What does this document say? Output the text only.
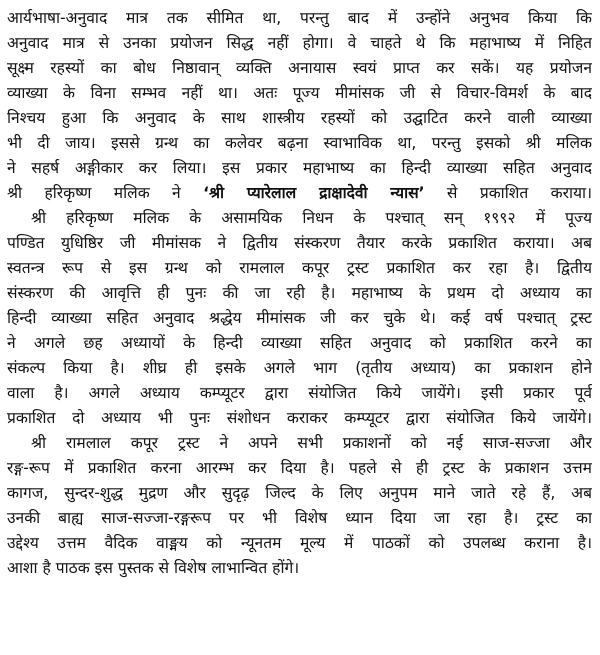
आर्यभाषा-अनुवाद मात्र तक सीमित था, परन्तु बाद में उन्होंने अनुभव किया कि
अनुवाद मात्र से उनका प्रयोजन सिद्ध नहीं होगा। वे चाहते थे कि महाभाष्य में निहित
सूक्ष्म रहस्यों का बोध निष्ठावान् व्यक्ति अनायास स्वयं प्राप्त कर सकें। यह प्रयोजन
व्याख्या के विना सम्भव नहीं था। अतः पूज्य मीमांसक जी से विचार-विमर्श के बाद
निश्चय हुआ कि अनुवाद के साथ शास्त्रीय रहस्यों को उद्घाटित करने वाली व्याख्या
भी दी जाय। इससे ग्रन्थ का कलेवर बढ़ना स्वाभाविक था, परन्तु इसको श्री मलिक
ने सहर्ष अङ्गीकार कर लिया। इस प्रकार महाभाष्य का हिन्दी व्याख्या सहित अनुवाद
श्री हरिकृष्ण मलिक ने ‘श्री प्यारेलाल द्राक्षादेवी न्यास’ से प्रकाशित कराया।
श्री हरिकृष्ण मलिक के असामयिक निधन के पश्चात् सन् १९९२ में पूज्य
पण्डित युधिष्ठिर जी मीमांसक ने द्वितीय संस्करण तैयार करके प्रकाशित कराया। अब
स्वतन्त्र रूप से इस ग्रन्थ को रामलाल कपूर ट्रस्ट प्रकाशित कर रहा है। द्वितीय
संस्करण की आवृत्ति ही पुनः की जा रही है। महाभाष्य के प्रथम दो अध्याय का
हिन्दी व्याख्या सहित अनुवाद श्रद्धेय मीमांसक जी कर चुके थे। कई वर्ष पश्चात् ट्रस्ट
ने अगले छह अध्यायों के हिन्दी व्याख्या सहित अनुवाद को प्रकाशित करने का
संकल्प किया है। शीघ्र ही इसके अगले भाग (तृतीय अध्याय) का प्रकाशन होने
वाला है। अगले अध्याय कम्प्यूटर द्वारा संयोजित किये जायेंगे। इसी प्रकार पूर्व
प्रकाशित दो अध्याय भी पुनः संशोधन कराकर कम्प्यूटर द्वारा संयोजित किये जायेंगे।
श्री रामलाल कपूर ट्रस्ट ने अपने सभी प्रकाशनों को नई साज-सज्जा और
रङ्ग-रूप में प्रकाशित करना आरम्भ कर दिया है। पहले से ही ट्रस्ट के प्रकाशन उत्तम
कागज, सुन्दर-शुद्ध मुद्रण और सुदृढ़ जिल्द के लिए अनुपम माने जाते रहे हैं, अब
उनकी बाह्य साज-सज्जा-रङ्गरूप पर भी विशेष ध्यान दिया जा रहा है। ट्रस्ट का
उद्देश्य उत्तम वैदिक वाङ्मय को न्यूनतम मूल्य में पाठकों को उपलब्ध कराना है।
आशा है पाठक इस पुस्तक से विशेष लाभान्वित होंगे।
